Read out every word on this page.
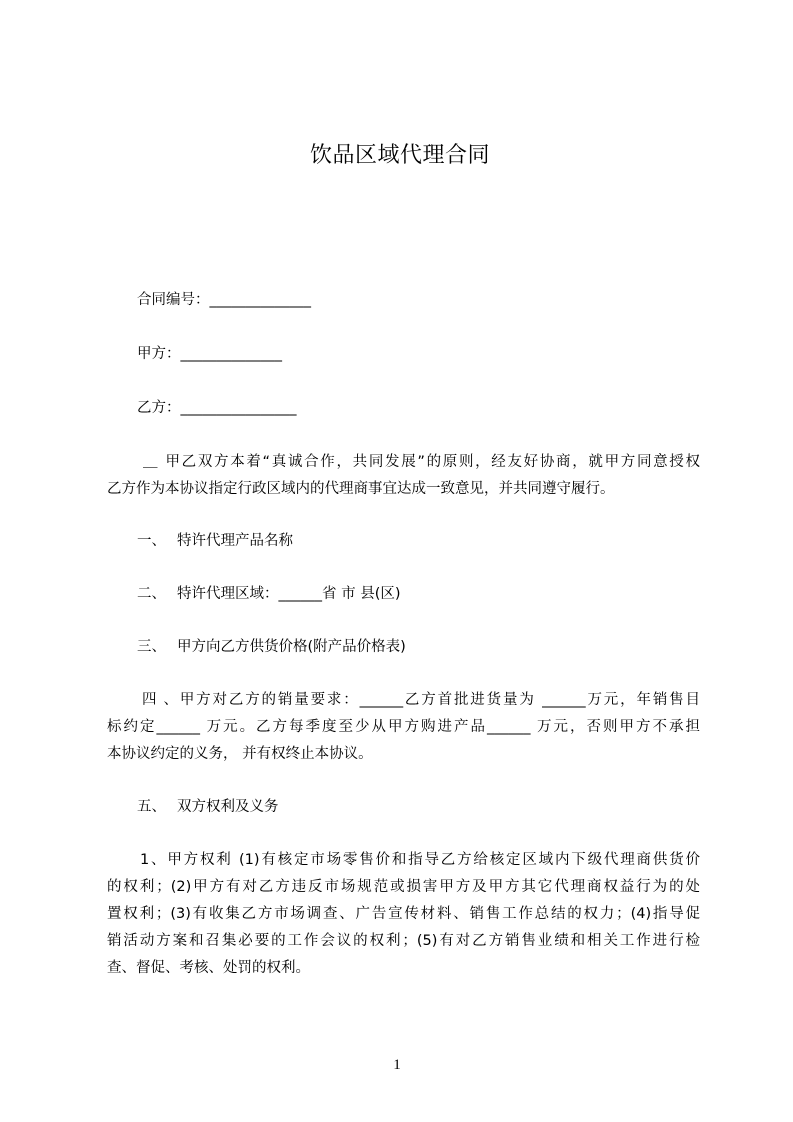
饮品区域代理合同
合同编号：______________
甲方：______________
乙方：________________
＿ 甲乙双方本着“真诚合作，共同发展”的原则，经友好协商，就甲方同意授权
乙方作为本协议指定行政区域内的代理商事宜达成一致意见，并共同遵守履行。
一、 特许代理产品名称
二、 特许代理区域：______省 市 县(区)
三、 甲方向乙方供货价格(附产品价格表)
四、甲方对乙方的销量要求：______乙方首批进货量为 ______万元，年销售目
标约定______ 万元。乙方每季度至少从甲方购进产品______ 万元，否则甲方不承担
本协议约定的义务， 并有权终止本协议。
五、 双方权利及义务
1、甲方权利 (1)有核定市场零售价和指导乙方给核定区域内下级代理商供货价
的权利；(2)甲方有对乙方违反市场规范或损害甲方及甲方其它代理商权益行为的处
置权利；(3)有收集乙方市场调查、广告宣传材料、销售工作总结的权力；(4)指导促
销活动方案和召集必要的工作会议的权利；(5)有对乙方销售业绩和相关工作进行检
查、督促、考核、处罚的权利。
1
